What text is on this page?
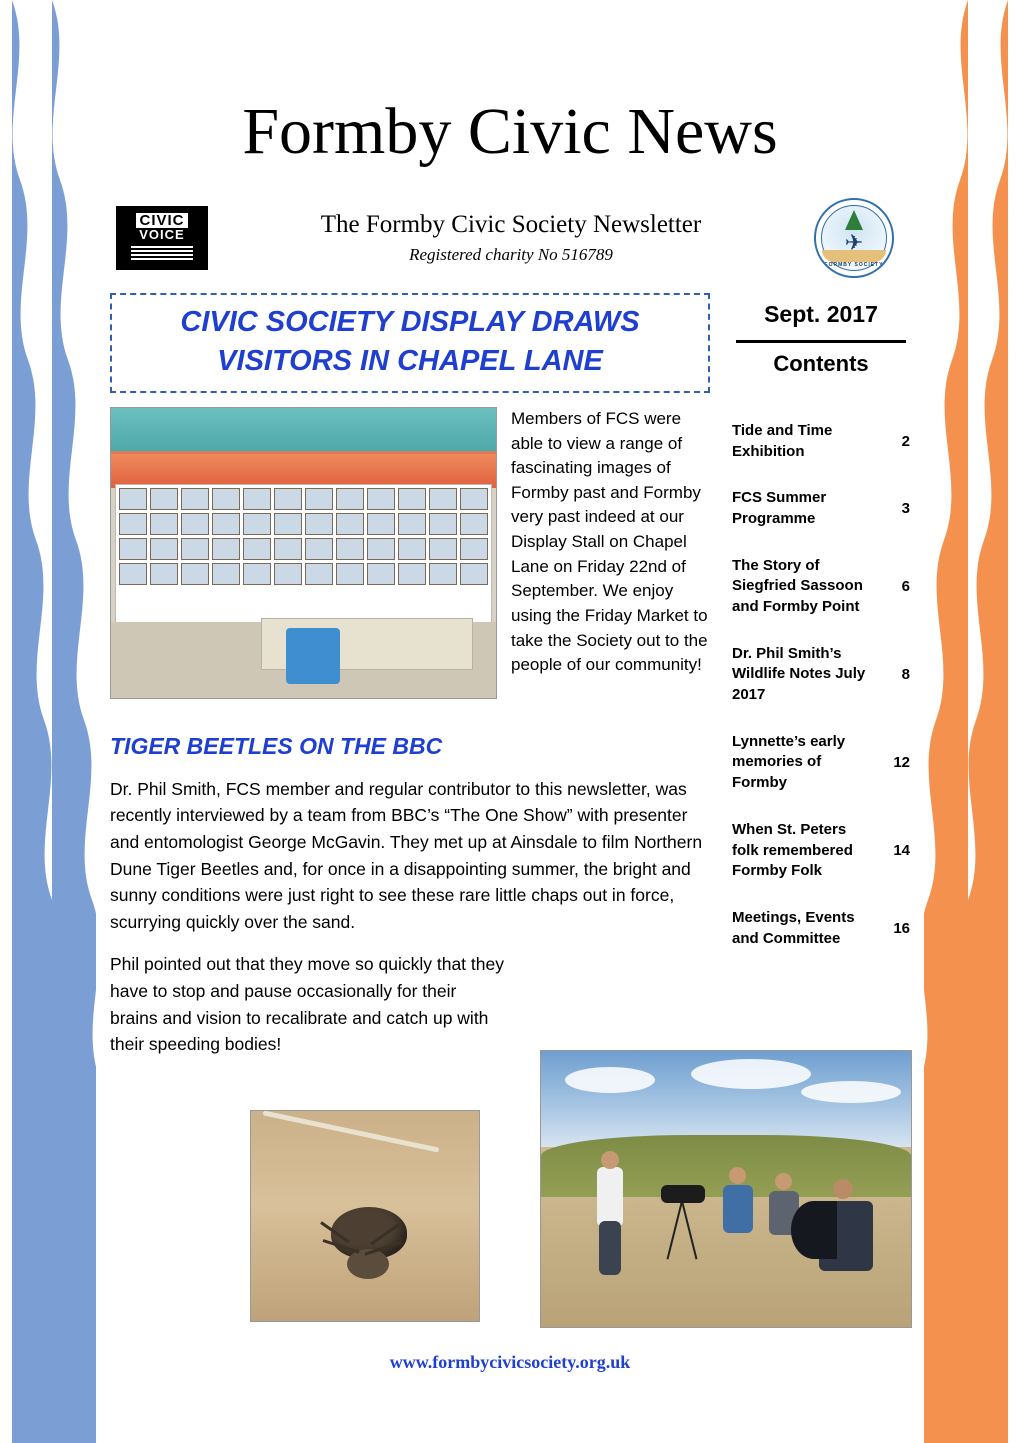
Formby Civic News
CIVIC
VOICE	The Formby Civic Society Newsletter
Registered charity No 516789	✈
FORMBY SOCIETY
CIVIC SOCIETY DISPLAY DRAWS VISITORS IN CHAPEL LANE
Sept. 2017
Contents
Members of FCS were able to view a range of fascinating images of Formby past and Formby very past indeed at our Display Stall on Chapel Lane on Friday 22nd of September. We enjoy using the Friday Market to take the Society out to the people of our community!
TIGER BEETLES ON THE BBC
Dr. Phil Smith, FCS member and regular contributor to this newsletter, was recently interviewed by a team from BBC’s “The One Show” with presenter and entomologist George McGavin. They met up at Ainsdale to film Northern Dune Tiger Beetles and, for once in a disappointing summer, the bright and sunny conditions were just right to see these rare little chaps out in force, scurrying quickly over the sand.
Phil pointed out that they move so quickly that they have to stop and pause occasionally for their brains and vision to recalibrate and catch up with their speeding bodies!
Tide and Time Exhibition
2
FCS Summer Programme
3
The Story of Siegfried Sassoon and Formby Point
6
Dr. Phil Smith’s Wildlife Notes July 2017
8
Lynnette’s early memories of Formby
12
When St. Peters folk remembered Formby Folk
14
Meetings, Events and Committee
16
www.formbycivicsociety.org.uk
